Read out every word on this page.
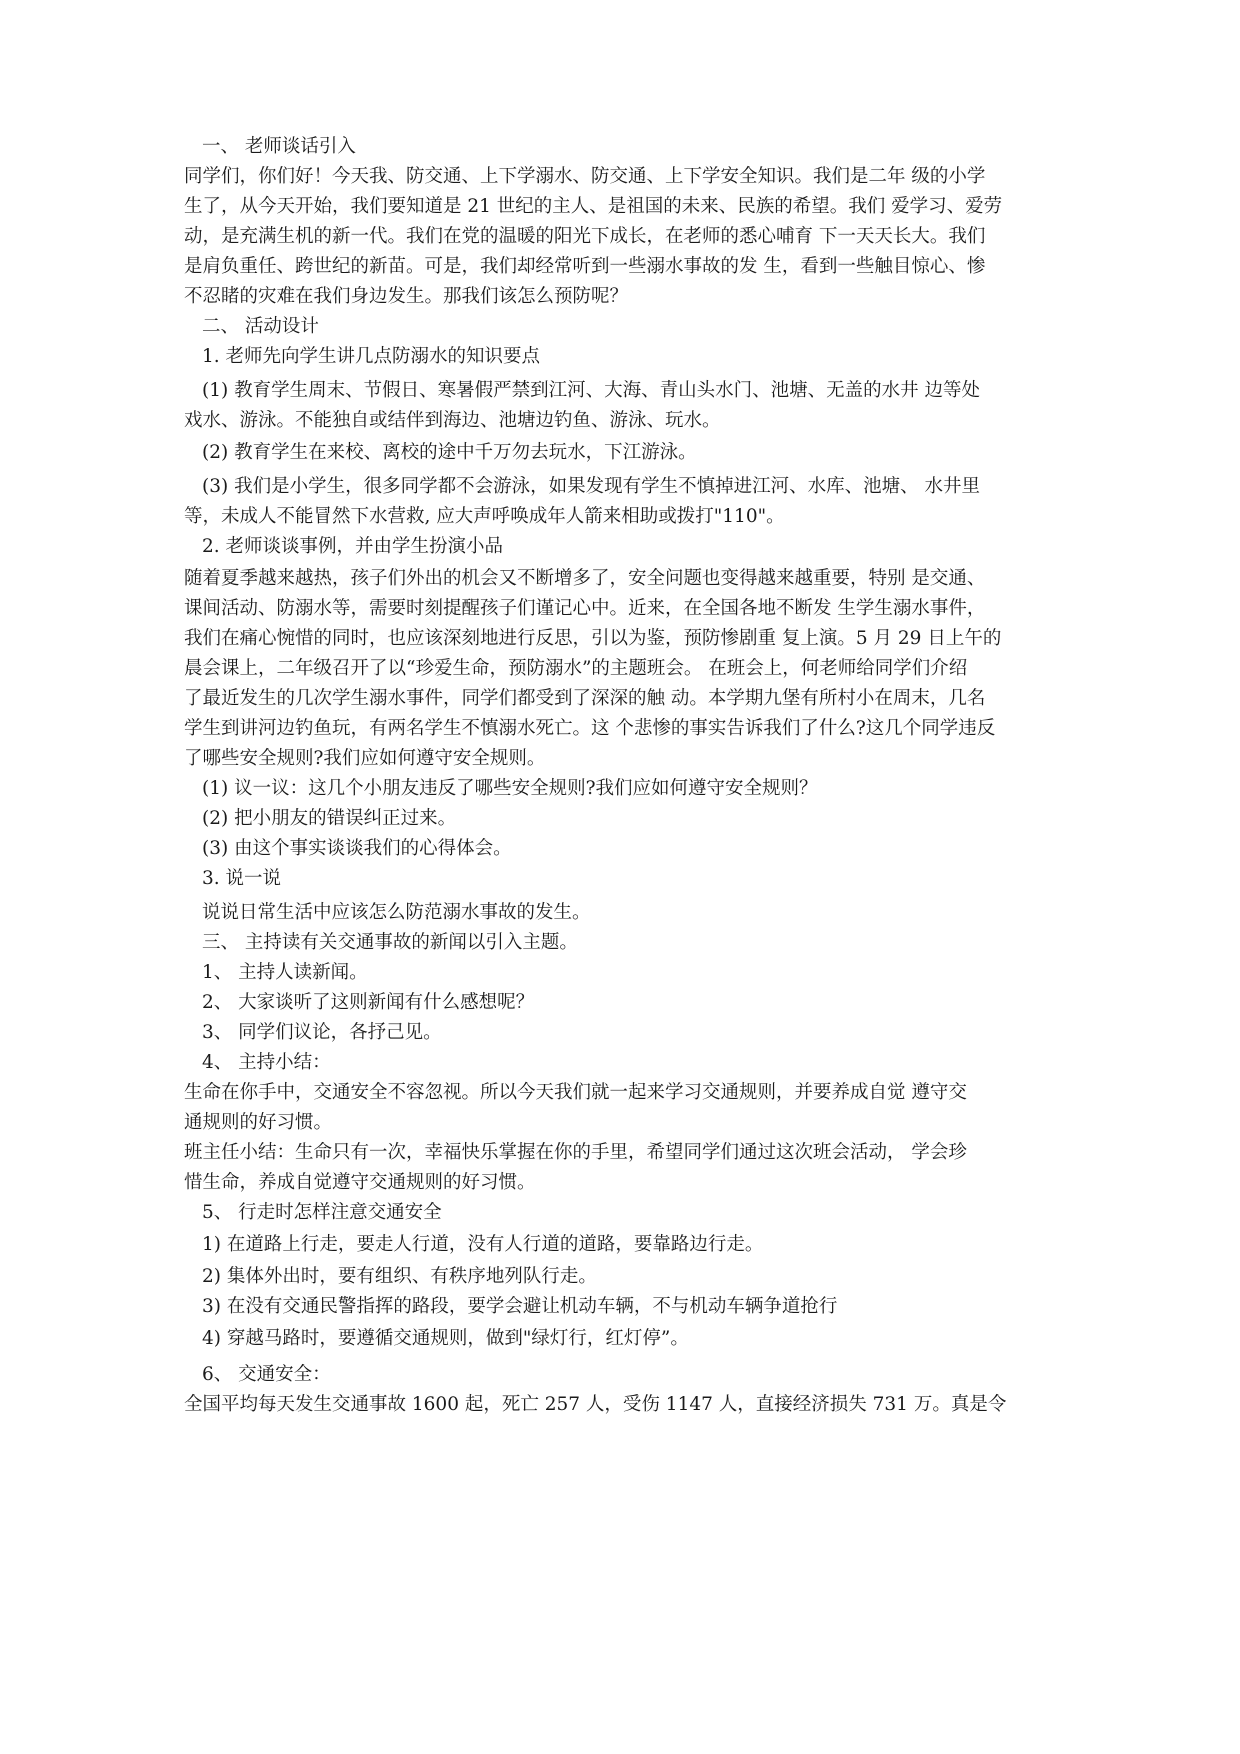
一、 老师谈话引入
同学们，你们好！今天我、防交通、上下学溺水、防交通、上下学安全知识。我们是二年 级的小学
生了，从今天开始，我们要知道是 21 世纪的主人、是祖国的未来、民族的希望。我们 爱学习、爱劳
动，是充满生机的新一代。我们在党的温暖的阳光下成长，在老师的悉心哺育 下一天天长大。我们
是肩负重任、跨世纪的新苗。可是，我们却经常听到一些溺水事故的发 生，看到一些触目惊心、惨
不忍睹的灾难在我们身边发生。那我们该怎么预防呢？
二、 活动设计
1. 老师先向学生讲几点防溺水的知识要点
(1) 教育学生周末、节假日、寒暑假严禁到江河、大海、青山头水门、池塘、无盖的水井 边等处
戏水、游泳。不能独自或结伴到海边、池塘边钓鱼、游泳、玩水。
(2) 教育学生在来校、离校的途中千万勿去玩水，下江游泳。
(3) 我们是小学生，很多同学都不会游泳，如果发现有学生不慎掉进江河、水库、池塘、 水井里
等，未成人不能冒然下水营救, 应大声呼唤成年人箭来相助或拨打"110"。
2. 老师谈谈事例，并由学生扮演小品
随着夏季越来越热，孩子们外出的机会又不断增多了，安全问题也变得越来越重要，特别 是交通、
课间活动、防溺水等，需要时刻提醒孩子们谨记心中。近来，在全国各地不断发 生学生溺水事件，
我们在痛心惋惜的同时，也应该深刻地进行反思，引以为鉴，预防惨剧重 复上演。5 月 29 日上午的
晨会课上，二年级召开了以“珍爱生命，预防溺水”的主题班会。 在班会上，何老师给同学们介绍
了最近发生的几次学生溺水事件，同学们都受到了深深的触 动。本学期九堡有所村小在周末，几名
学生到讲河边钓鱼玩，有两名学生不慎溺水死亡。这 个悲惨的事实告诉我们了什么?这几个同学违反
了哪些安全规则?我们应如何遵守安全规则。
(1) 议一议：这几个小朋友违反了哪些安全规则?我们应如何遵守安全规则？
(2) 把小朋友的错误纠正过来。
(3) 由这个事实谈谈我们的心得体会。
3. 说一说
说说日常生活中应该怎么防范溺水事故的发生。
三、 主持读有关交通事故的新闻以引入主题。
1、 主持人读新闻。
2、 大家谈听了这则新闻有什么感想呢？
3、 同学们议论，各抒己见。
4、 主持小结：
生命在你手中，交通安全不容忽视。所以今天我们就一起来学习交通规则，并要养成自觉 遵守交
通规则的好习惯。
班主任小结：生命只有一次，幸福快乐掌握在你的手里，希望同学们通过这次班会活动， 学会珍
惜生命，养成自觉遵守交通规则的好习惯。
5、 行走时怎样注意交通安全
1) 在道路上行走，要走人行道，没有人行道的道路，要靠路边行走。
2) 集体外出时，要有组织、有秩序地列队行走。
3) 在没有交通民警指挥的路段，要学会避让机动车辆，不与机动车辆争道抢行
4) 穿越马路时，要遵循交通规则，做到"绿灯行，红灯停”。
6、 交通安全：
全国平均每天发生交通事故 1600 起，死亡 257 人，受伤 1147 人，直接经济损失 731 万。真是令
